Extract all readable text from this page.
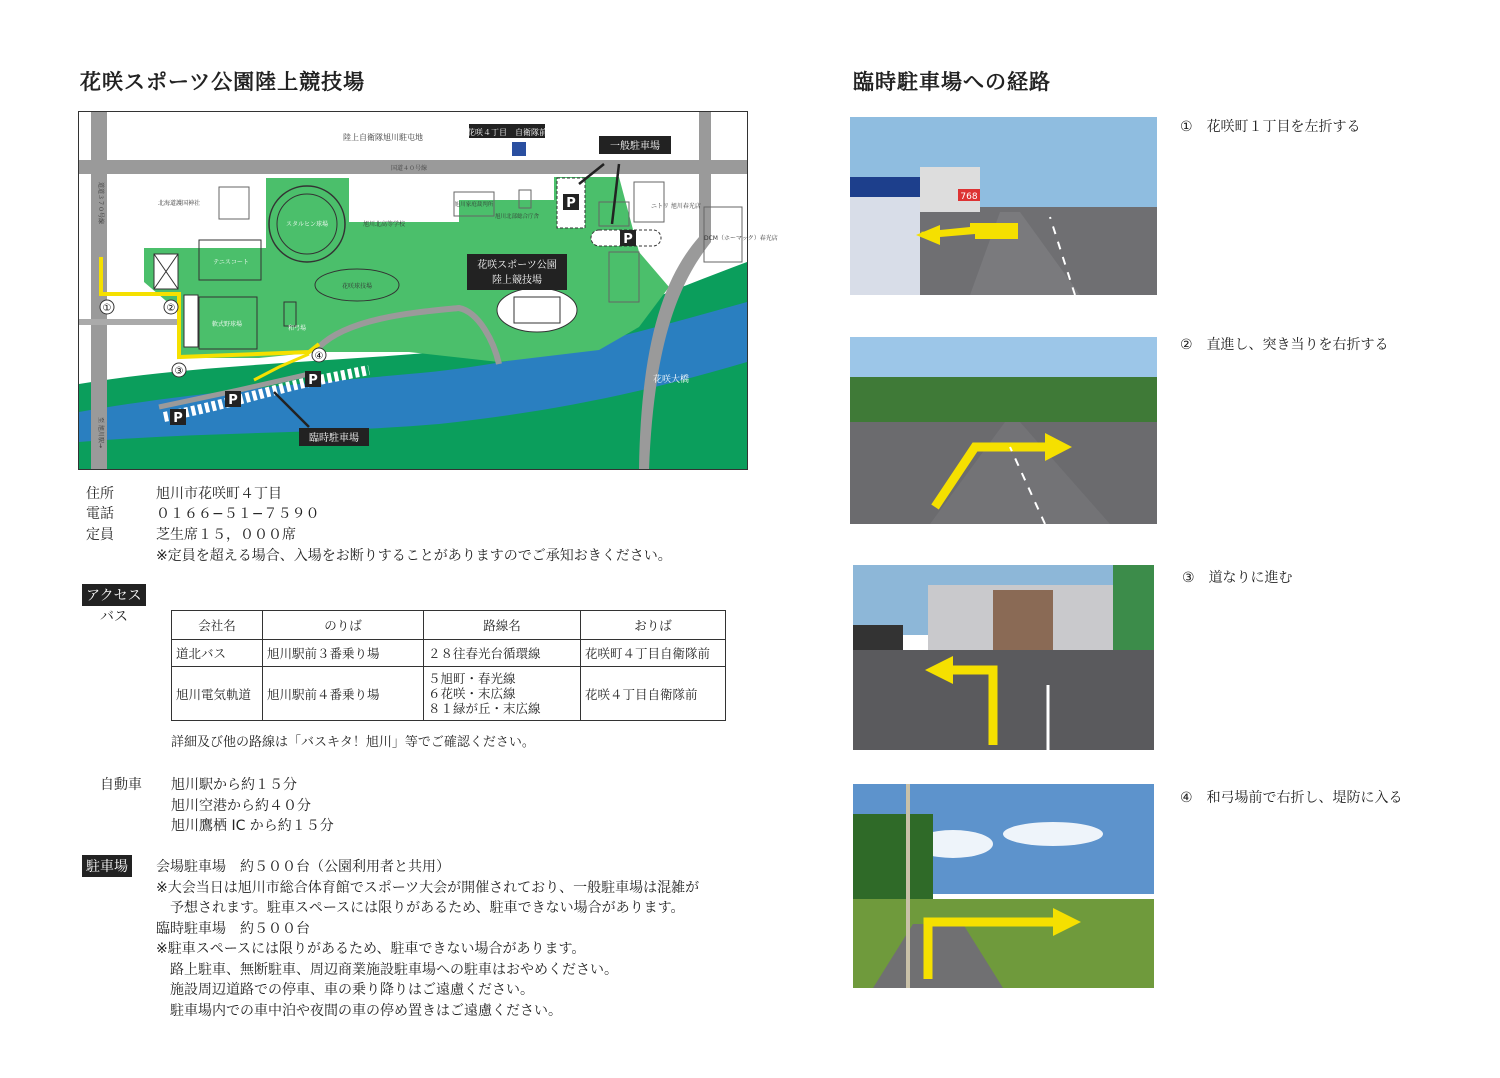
花咲スポーツ公園陸上競技場	臨時駐車場への経路
P
P
P
P
P
陸上自衛隊旭川駐屯地
花咲４丁目　自衛隊前
国道４０号線
一般駐車場
北海道護国神社
スタルヒン球場	旭川北高等学校
旭川家庭裁判所
旭川北部総合庁舎
ニトリ 旭川春光店
DCM（ホーマック）春光店
テニスコート
軟式野球場
和弓場
花咲球技場
花咲スポーツ公園
陸上競技場
花咲大橋
臨時駐車場
道道３７０号線
至 旭川駅→
①	②
③
④
住所	旭川市花咲町４丁目
電話	０１６６−５１−７５９０
定員	芝生席１５，０００席
※定員を超える場合、入場をお断りすることがありますのでご承知おきください。
アクセス
バス
会社名	のりば	路線名	おりば
道北バス	旭川駅前３番乗り場	２８往春光台循環線	花咲町４丁目自衛隊前
旭川電気軌道	旭川駅前４番乗り場	５旭町・春光線
６花咲・末広線
８１緑が丘・末広線	花咲４丁目自衛隊前
詳細及び他の路線は「バスキタ！旭川」等でご確認ください。
自動車 旭川駅から約１５分
旭川空港から約４０分
旭川鷹栖 IC から約１５分
駐車場 会場駐車場　約５００台（公園利用者と共用）
※大会当日は旭川市総合体育館でスポーツ大会が開催されており、一般駐車場は混雑が
　予想されます。駐車スペースには限りがあるため、駐車できない場合があります。
臨時駐車場　約５００台
※駐車スペースには限りがあるため、駐車できない場合があります。
　路上駐車、無断駐車、周辺商業施設駐車場への駐車はおやめください。
　施設周辺道路での停車、車の乗り降りはご遠慮ください。
　駐車場内での車中泊や夜間の車の停め置きはご遠慮ください。
768
①　 花咲町１丁目を左折する
②　 直進し、突き当りを右折する
③　 道なりに進む
④　 和弓場前で右折し、堤防に入る
